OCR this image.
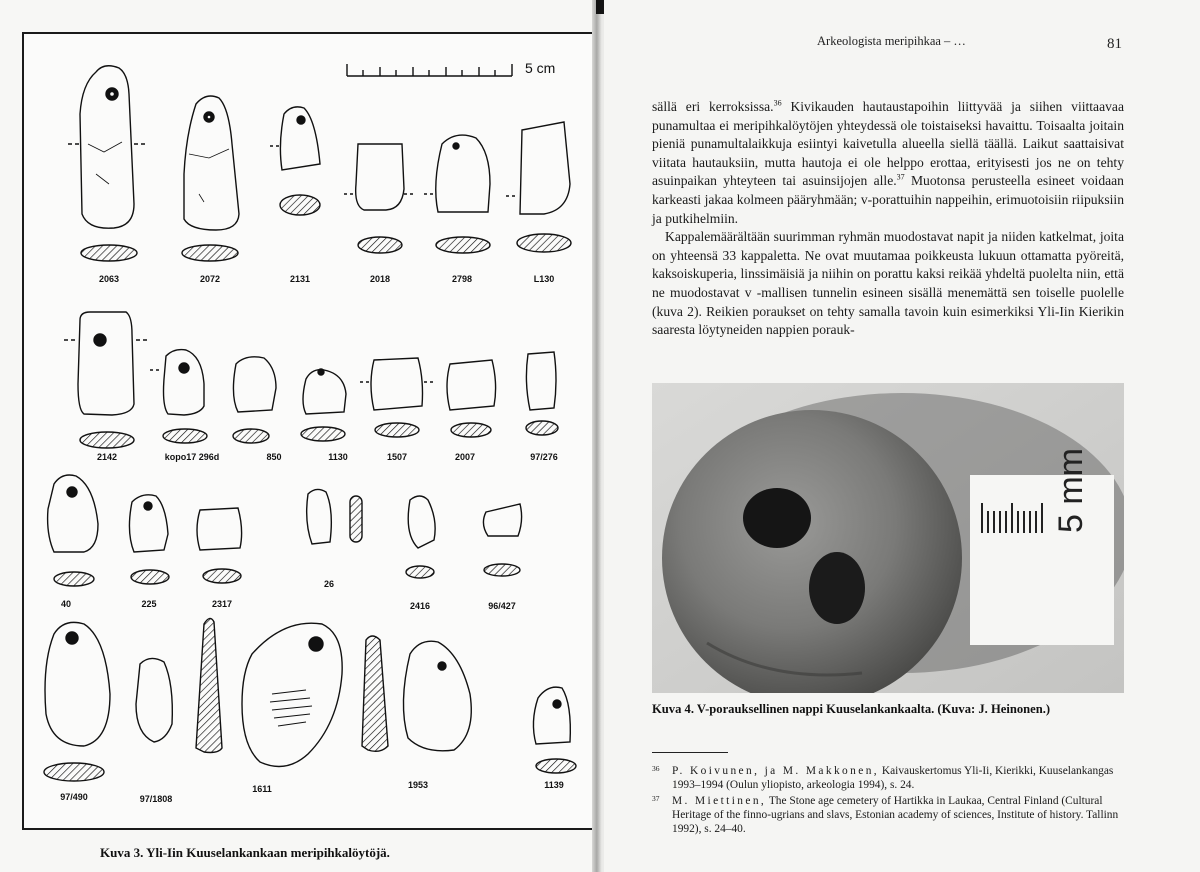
5 cm
2063	2072	2131	2018	2798	L130
2142	kopo17 296d	850	1130	1507	2007	97/276
40	225	2317
26
2416	96/427
97/490	97/1808
1611	1953	1139
Kuva 3. Yli-Iin Kuuselankankaan meripihkalöytöjä.
Arkeologista meripihkaa – …	81

sällä eri kerroksissa.$^{36}$ Kivikauden hautaustapoihin liittyvää ja siihen viittaavaa punamultaa ei meripihkalöytöjen yhteydessä ole toistaiseksi havaittu. Toisaalta joitain pieniä punamultalaikkuja esiintyi kaivetulla alueella siellä täällä. Laikut saattaisivat viitata hautauksiin, mutta hautoja ei ole helppo erottaa, erityisesti jos ne on tehty asuinpaikan yhteyteen tai asuinsijojen alle.$^{37}$ Muotonsa perusteella esineet voidaan karkeasti jakaa kolmeen pääryhmään; v-porattuihin nappeihin, erimuotoisiin riipuksiin ja putkihelmiin.

Kappalemäärältään suurimman ryhmän muodostavat napit ja niiden katkelmat, joita on yhteensä 33 kappaletta. Ne ovat muutamaa poikkeusta lukuun ottamatta pyöreitä, kaksoiskuperia, linssimäisiä ja niihin on porattu kaksi reikää yhdeltä puolelta niin, että ne muodostavat v -mallisen tunnelin esineen sisällä menemättä sen toiselle puolelle (kuva 2). Reikien poraukset on tehty samalla tavoin kuin esimerkiksi Yli-Iin Kierikin saaresta löytyneiden nappien porauk-

5 mm
Kuva 4. V-porauksellinen nappi Kuuselankankaalta. (Kuva: J. Heinonen.)
36 P. Koivunen, ja M. Makkonen, Kaivauskertomus Yli-Ii, Kierikki, Kuuselankangas 1993–1994 (Oulun yliopisto, arkeologia 1994), s. 24.
37 M. Miettinen, The Stone age cemetery of Hartikka in Laukaa, Central Finland (Cultural Heritage of the finno-ugrians and slavs, Estonian academy of sciences, Institute of history. Tallinn 1992), s. 24–40.
